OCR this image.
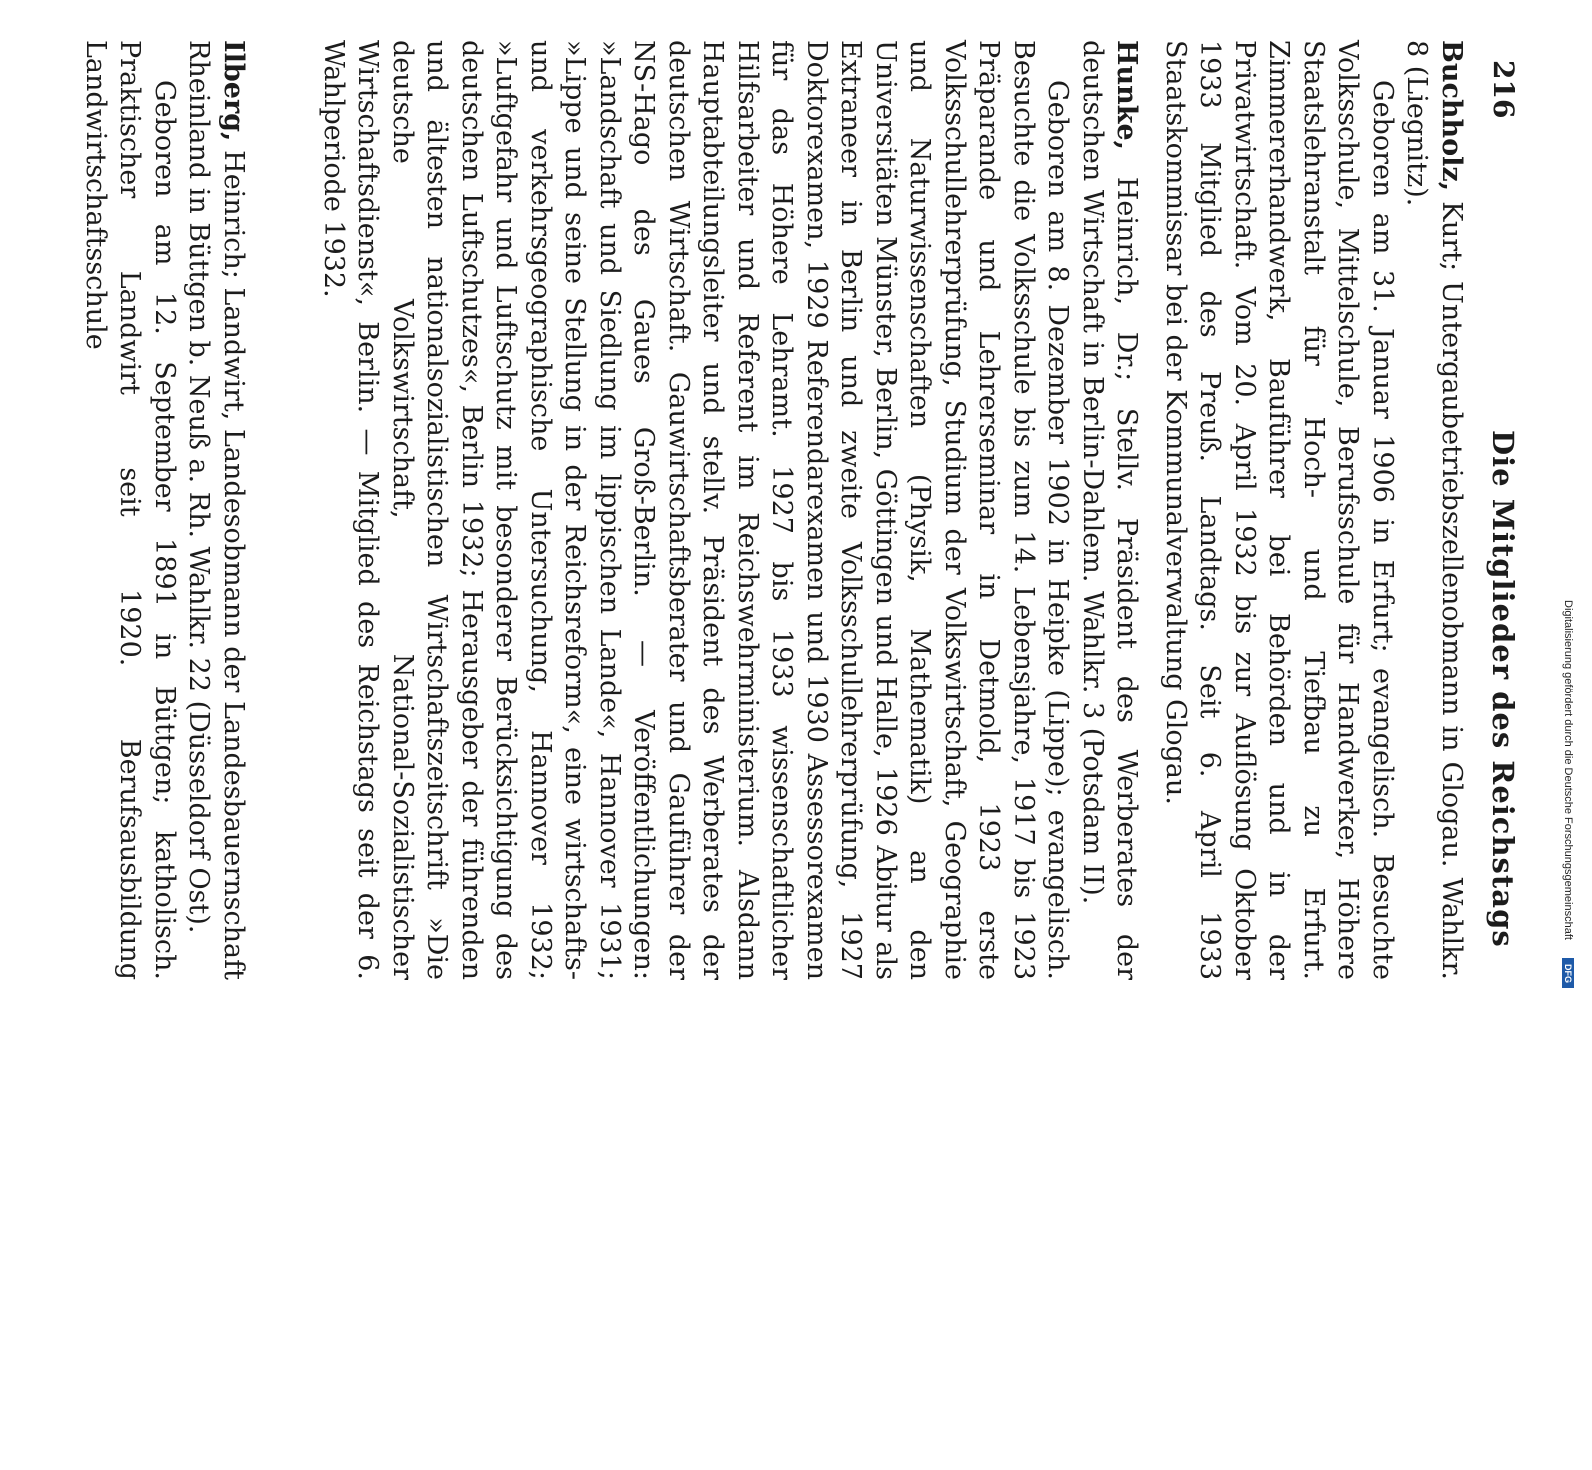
216
Die Mitglieder des Reichstags
Buchholz, Kurt; Untergaubetriebszellenobmann in Glogau. Wahlkr. 8 (Liegnitz).
Geboren am 31. Januar 1906 in Erfurt; evangelisch. Besuchte Volksschule, Mittelschule, Berufsschule für Handwerker, Höhere Staatslehranstalt für Hoch- und Tiefbau zu Erfurt. Zimmererhandwerk, Bauführer bei Behörden und in der Privatwirtschaft. Vom 20. April 1932 bis zur Auflösung Oktober 1933 Mitglied des Preuß. Landtags. Seit 6. April 1933 Staatskommissar bei der Kommunalverwaltung Glogau.
Hunke, Heinrich, Dr.; Stellv. Präsident des Werberates der deutschen Wirtschaft in Berlin-Dahlem. Wahlkr. 3 (Potsdam II).
Geboren am 8. Dezember 1902 in Heipke (Lippe); evangelisch. Besuchte die Volksschule bis zum 14. Lebensjahre, 1917 bis 1923 Präparande und Lehrerseminar in Detmold, 1923 erste Volksschullehrerprüfung, Studium der Volkswirtschaft, Geographie und Naturwissenschaften (Physik, Mathematik) an den Universitäten Münster, Berlin, Göttingen und Halle, 1926 Abitur als Extraneer in Berlin und zweite Volksschullehrerprüfung, 1927 Doktorexamen, 1929 Referendarexamen und 1930 Assessorexamen für das Höhere Lehramt. 1927 bis 1933 wissenschaftlicher Hilfsarbeiter und Referent im Reichswehrministerium. Alsdann Hauptabteilungsleiter und stellv. Präsident des Werberates der deutschen Wirtschaft. Gauwirtschaftsberater und Gauführer der NS-Hago des Gaues Groß-Berlin. — Veröffentlichungen: »Landschaft und Siedlung im lippischen Lande«, Hannover 1931; »Lippe und seine Stellung in der Reichsreform«, eine wirtschafts- und verkehrsgeographische Untersuchung, Hannover 1932; »Luftgefahr und Luftschutz mit besonderer Berücksichtigung des deutschen Luftschutzes«, Berlin 1932; Herausgeber der führenden und ältesten nationalsozialistischen Wirtschaftszeitschrift »Die deutsche Volkswirtschaft, National-Sozialistischer Wirtschaftsdienst«, Berlin. — Mitglied des Reichstags seit der 6. Wahlperiode 1932.
Ilberg, Heinrich; Landwirt, Landesobmann der Landesbauernschaft Rheinland in Büttgen b. Neuß a. Rh. Wahlkr. 22 (Düsseldorf Ost).
Geboren am 12. September 1891 in Büttgen; katholisch. Praktischer Landwirt seit 1920. Berufsausbildung Landwirtschaftsschule
Digitalisierung gefördert durch die Deutsche Forschungsgemeinschaft
DFG
